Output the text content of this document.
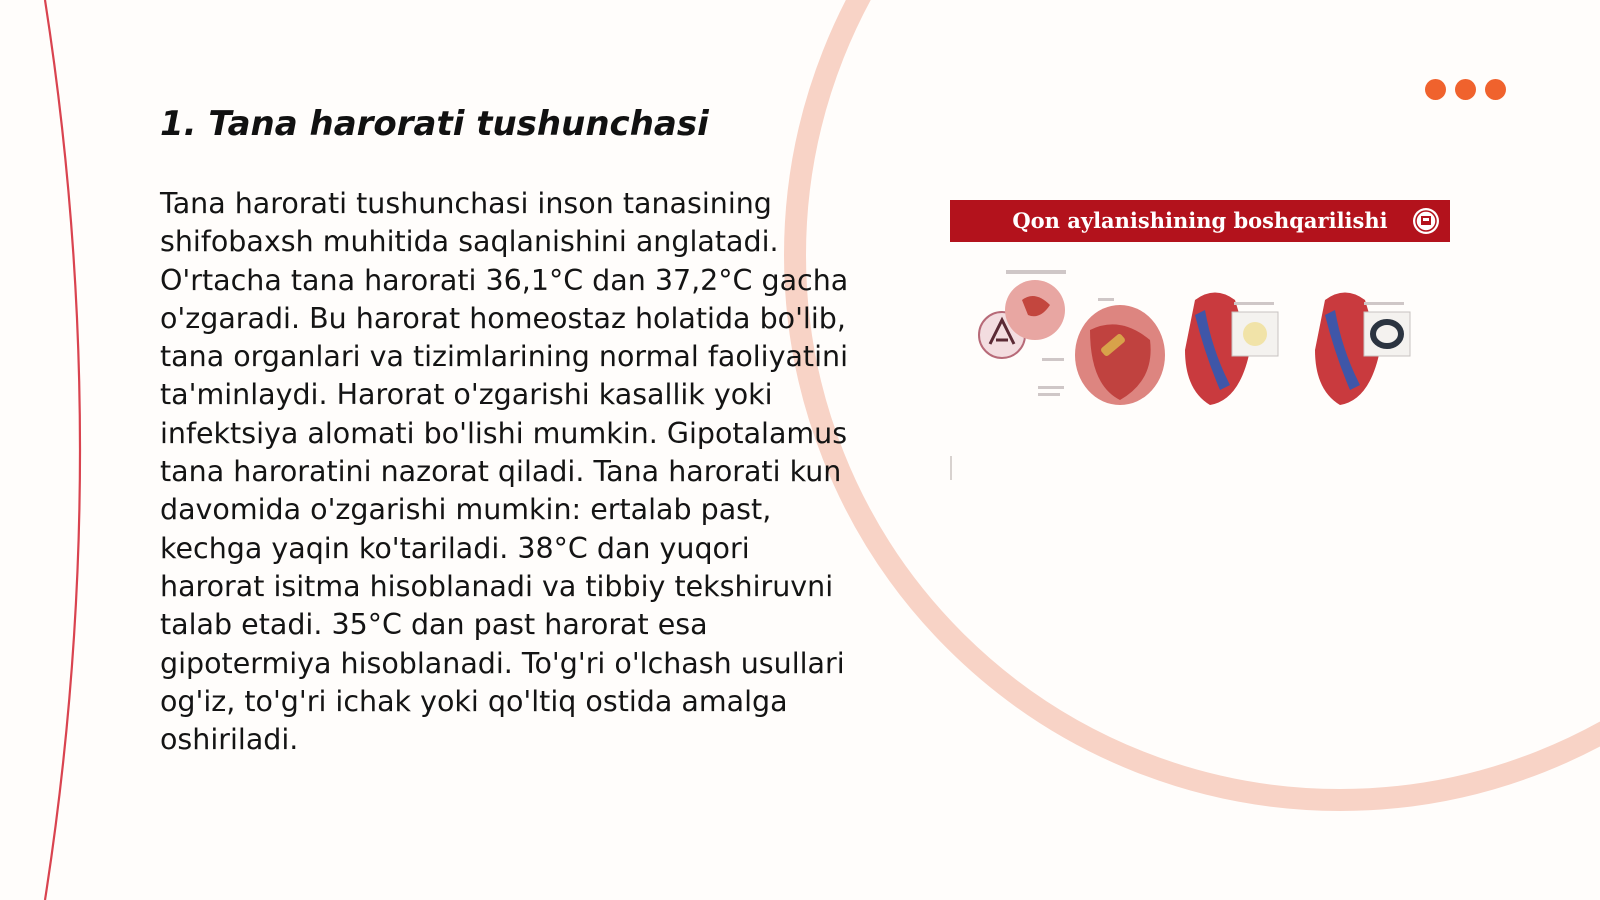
1. Tana harorati tushunchasi

Tana harorati tushunchasi inson tanasining shifobaxsh muhitida saqlanishini anglatadi. O'rtacha tana harorati 36,1°C dan 37,2°C gacha o'zgaradi. Bu harorat homeostaz holatida bo'lib, tana organlari va tizimlarining normal faoliyatini ta'minlaydi. Harorat o'zgarishi kasallik yoki infektsiya alomati bo'lishi mumkin. Gipotalamus tana haroratini nazorat qiladi. Tana harorati kun davomida o'zgarishi mumkin: ertalab past, kechga yaqin ko'tariladi. 38°C dan yuqori harorat isitma hisoblanadi va tibbiy tekshiruvni talab etadi. 35°C dan past harorat esa gipotermiya hisoblanadi. To'g'ri o'lchash usullari og'iz, to'g'ri ichak yoki qo'ltiq ostida amalga oshiriladi.

Qon aylanishining boshqarilishi
